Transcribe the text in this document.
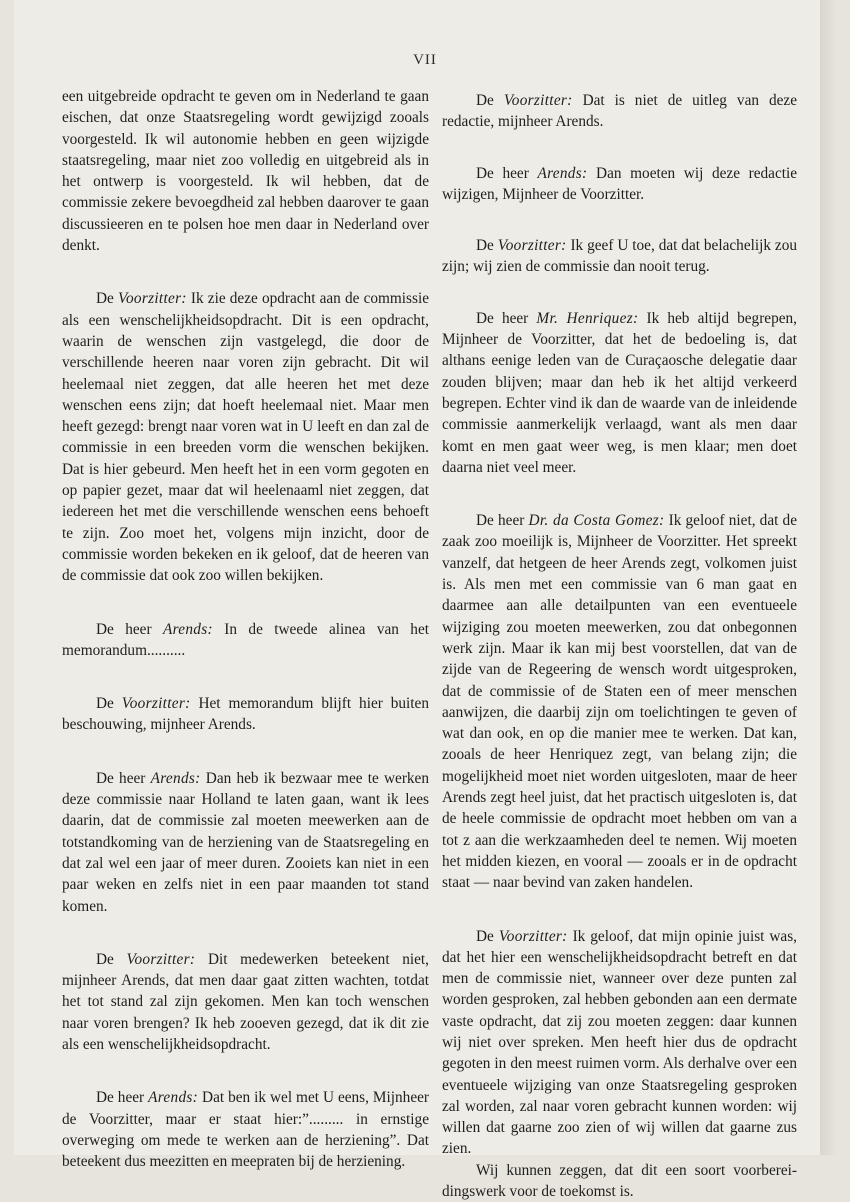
VII

een uitgebreide opdracht te geven om in Nederland te gaan eischen, dat onze Staatsregeling wordt gewijzigd zooals voorgesteld. Ik wil autonomie hebben en geen wijzigde staatsregeling, maar niet zoo volledig en uitgebreid als in het ontwerp is voorgesteld. Ik wil hebben, dat de commissie zekere bevoegdheid zal hebben daarover te gaan discussieeren en te polsen hoe men daar in Nederland over denkt.

De Voorzitter: Ik zie deze opdracht aan de commissie als een wenschelijkheidsopdracht. Dit is een opdracht, waarin de wenschen zijn vastgelegd, die door de verschillende heeren naar voren zijn gebracht. Dit wil heelemaal niet zeggen, dat alle heeren het met deze wenschen eens zijn; dat hoeft heelemaal niet. Maar men heeft gezegd: brengt naar voren wat in U leeft en dan zal de commissie in een breeden vorm die wenschen bekijken. Dat is hier gebeurd. Men heeft het in een vorm gegoten en op papier gezet, maar dat wil heelenaaml niet zeggen, dat iedereen het met die verschillende wenschen eens behoeft te zijn. Zoo moet het, volgens mijn inzicht, door de commissie worden bekeken en ik geloof, dat de heeren van de commissie dat ook zoo willen bekijken.

De heer Arends: In de tweede alinea van het memorandum..........

De Voorzitter: Het memorandum blijft hier buiten beschouwing, mijnheer Arends.

De heer Arends: Dan heb ik bezwaar mee te werken deze commissie naar Holland te laten gaan, want ik lees daarin, dat de commissie zal moeten meewerken aan de totstandkoming van de herziening van de Staatsregeling en dat zal wel een jaar of meer duren. Zooiets kan niet in een paar weken en zelfs niet in een paar maanden tot stand komen.

De Voorzitter: Dit medewerken beteekent niet, mijnheer Arends, dat men daar gaat zitten wachten, totdat het tot stand zal zijn gekomen. Men kan toch wenschen naar voren brengen? Ik heb zooeven gezegd, dat ik dit zie als een wenschelijkheidsopdracht.

De heer Arends: Dat ben ik wel met U eens, Mijnheer de Voorzitter, maar er staat hier:”......... in ernstige overweging om mede te werken aan de herziening”. Dat beteekent dus meezitten en meepraten bij de herziening.

De Voorzitter: Dat is niet de uitleg van deze redactie, mijnheer Arends.

De heer Arends: Dan moeten wij deze redactie wijzigen, Mijnheer de Voorzitter.

De Voorzitter: Ik geef U toe, dat dat belachelijk zou zijn; wij zien de commissie dan nooit terug.

De heer Mr. Henriquez: Ik heb altijd begrepen, Mijnheer de Voorzitter, dat het de bedoeling is, dat althans eenige leden van de Curaçaosche delegatie daar zouden blijven; maar dan heb ik het altijd verkeerd begrepen. Echter vind ik dan de waarde van de inleidende commissie aanmerkelijk verlaagd, want als men daar komt en men gaat weer weg, is men klaar; men doet daarna niet veel meer.

De heer Dr. da Costa Gomez: Ik geloof niet, dat de zaak zoo moeilijk is, Mijnheer de Voorzitter. Het spreekt vanzelf, dat hetgeen de heer Arends zegt, volkomen juist is. Als men met een commissie van 6 man gaat en daarmee aan alle detailpunten van een eventueele wijziging zou moeten meewerken, zou dat onbegonnen werk zijn. Maar ik kan mij best voorstellen, dat van de zijde van de Regeering de wensch wordt uitgesproken, dat de commissie of de Staten een of meer menschen aanwijzen, die daarbij zijn om toelichtingen te geven of wat dan ook, en op die manier mee te werken. Dat kan, zooals de heer Henriquez zegt, van belang zijn; die mogelijkheid moet niet worden uitgesloten, maar de heer Arends zegt heel juist, dat het practisch uitgesloten is, dat de heele commissie de opdracht moet hebben om van a tot z aan die werkzaamheden deel te nemen. Wij moeten het midden kiezen, en vooral — zooals er in de opdracht staat — naar bevind van zaken handelen.

De Voorzitter: Ik geloof, dat mijn opinie juist was, dat het hier een wenschelijkheidsopdracht betreft en dat men de commissie niet, wanneer over deze punten zal worden gesproken, zal hebben gebonden aan een dermate vaste opdracht, dat zij zou moeten zeggen: daar kunnen wij niet over spreken. Men heeft hier dus de opdracht gegoten in den meest ruimen vorm. Als derhalve over een eventueele wijziging van onze Staatsregeling gesproken zal worden, zal naar voren gebracht kunnen worden: wij willen dat gaarne zoo zien of wij willen dat gaarne zus zien.

Wij kunnen zeggen, dat dit een soort voorbereidingswerk voor de toekomst is.
